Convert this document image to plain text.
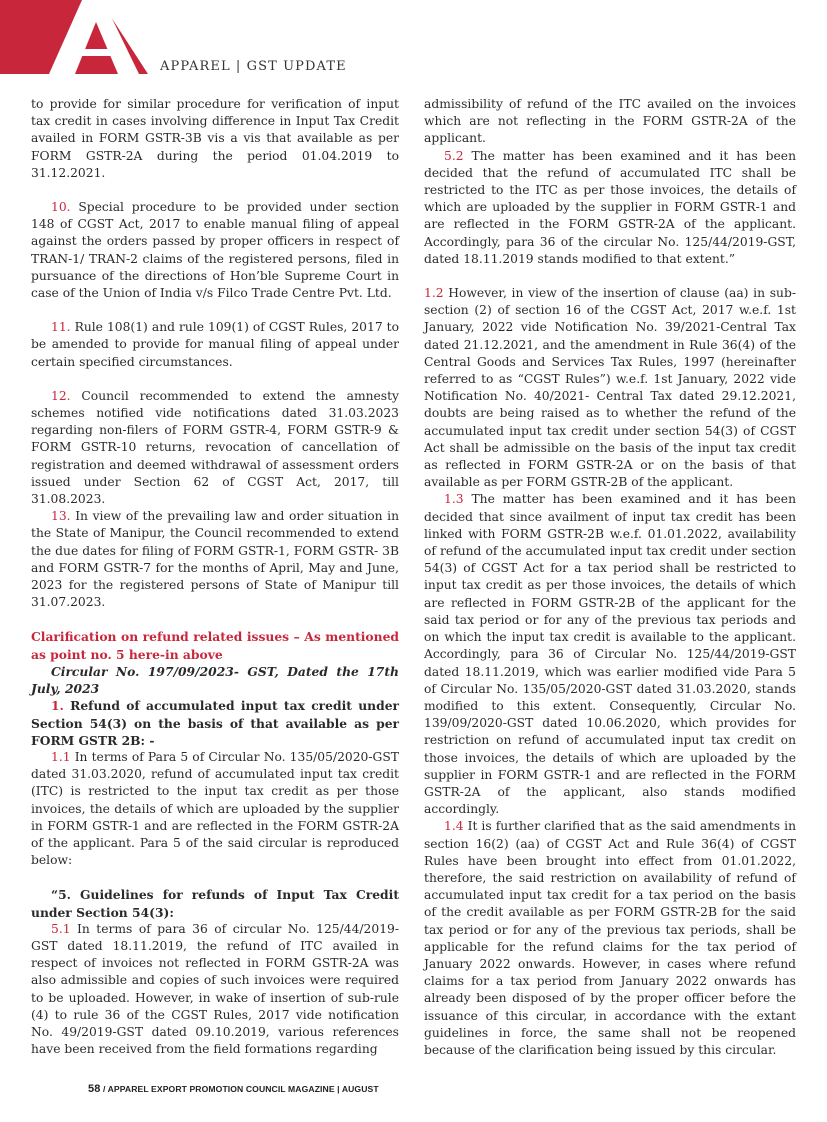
APPAREL | GST UPDATE

to provide for similar procedure for verification of input tax credit in cases involving difference in Input Tax Credit availed in FORM GSTR-3B vis a vis that available as per FORM GSTR-2A during the period 01.04.2019 to 31.12.2021.

10. Special procedure to be provided under section 148 of CGST Act, 2017 to enable manual filing of appeal against the orders passed by proper officers in respect of TRAN-1/ TRAN-2 claims of the registered persons, filed in pursuance of the directions of Hon’ble Supreme Court in case of the Union of India v/s Filco Trade Centre Pvt. Ltd.

11. Rule 108(1) and rule 109(1) of CGST Rules, 2017 to be amended to provide for manual filing of appeal under certain specified circumstances.

12. Council recommended to extend the amnesty schemes notified vide notifications dated 31.03.2023 regarding non-filers of FORM GSTR-4, FORM GSTR-9 & FORM GSTR-10 returns, revocation of cancellation of registration and deemed withdrawal of assessment orders issued under Section 62 of CGST Act, 2017, till 31.08.2023.

13. In view of the prevailing law and order situation in the State of Manipur, the Council recommended to extend the due dates for filing of FORM GSTR-1, FORM GSTR- 3B and FORM GSTR-7 for the months of April, May and June, 2023 for the registered persons of State of Manipur till 31.07.2023.

Clarification on refund related issues – As mentioned as point no. 5 here-in above

Circular No. 197/09/2023- GST, Dated the 17th July, 2023

1. Refund of accumulated input tax credit under Section 54(3) on the basis of that available as per FORM GSTR 2B: -

1.1 In terms of Para 5 of Circular No. 135/05/2020-GST dated 31.03.2020, refund of accumulated input tax credit (ITC) is restricted to the input tax credit as per those invoices, the details of which are uploaded by the supplier in FORM GSTR-1 and are reflected in the FORM GSTR-2A of the applicant. Para 5 of the said circular is reproduced below:

“5. Guidelines for refunds of Input Tax Credit under Section 54(3):

5.1 In terms of para 36 of circular No. 125/44/2019-GST dated 18.11.2019, the refund of ITC availed in respect of invoices not reflected in FORM GSTR-2A was also admissible and copies of such invoices were required to be uploaded. However, in wake of insertion of sub-rule (4) to rule 36 of the CGST Rules, 2017 vide notification No. 49/2019-GST dated 09.10.2019, various references have been received from the field formations regarding

admissibility of refund of the ITC availed on the invoices which are not reflecting in the FORM GSTR-2A of the applicant.

5.2 The matter has been examined and it has been decided that the refund of accumulated ITC shall be restricted to the ITC as per those invoices, the details of which are uploaded by the supplier in FORM GSTR-1 and are reflected in the FORM GSTR-2A of the applicant. Accordingly, para 36 of the circular No. 125/44/2019-GST, dated 18.11.2019 stands modified to that extent.”

1.2 However, in view of the insertion of clause (aa) in sub-section (2) of section 16 of the CGST Act, 2017 w.e.f. 1st January, 2022 vide Notification No. 39/2021-Central Tax dated 21.12.2021, and the amendment in Rule 36(4) of the Central Goods and Services Tax Rules, 1997 (hereinafter referred to as “CGST Rules”) w.e.f. 1st January, 2022 vide Notification No. 40/2021- Central Tax dated 29.12.2021, doubts are being raised as to whether the refund of the accumulated input tax credit under section 54(3) of CGST Act shall be admissible on the basis of the input tax credit as reflected in FORM GSTR-2A or on the basis of that available as per FORM GSTR-2B of the applicant.

1.3 The matter has been examined and it has been decided that since availment of input tax credit has been linked with FORM GSTR-2B w.e.f. 01.01.2022, availability of refund of the accumulated input tax credit under section 54(3) of CGST Act for a tax period shall be restricted to input tax credit as per those invoices, the details of which are reflected in FORM GSTR-2B of the applicant for the said tax period or for any of the previous tax periods and on which the input tax credit is available to the applicant. Accordingly, para 36 of Circular No. 125/44/2019-GST dated 18.11.2019, which was earlier modified vide Para 5 of Circular No. 135/05/2020-GST dated 31.03.2020, stands modified to this extent. Consequently, Circular No. 139/09/2020-GST dated 10.06.2020, which provides for restriction on refund of accumulated input tax credit on those invoices, the details of which are uploaded by the supplier in FORM GSTR-1 and are reflected in the FORM GSTR-2A of the applicant, also stands modified accordingly.

1.4 It is further clarified that as the said amendments in section 16(2) (aa) of CGST Act and Rule 36(4) of CGST Rules have been brought into effect from 01.01.2022, therefore, the said restriction on availability of refund of accumulated input tax credit for a tax period on the basis of the credit available as per FORM GSTR-2B for the said tax period or for any of the previous tax periods, shall be applicable for the refund claims for the tax period of January 2022 onwards. However, in cases where refund claims for a tax period from January 2022 onwards has already been disposed of by the proper officer before the issuance of this circular, in accordance with the extant guidelines in force, the same shall not be reopened because of the clarification being issued by this circular.

58 / APPAREL EXPORT PROMOTION COUNCIL MAGAZINE | AUGUST
